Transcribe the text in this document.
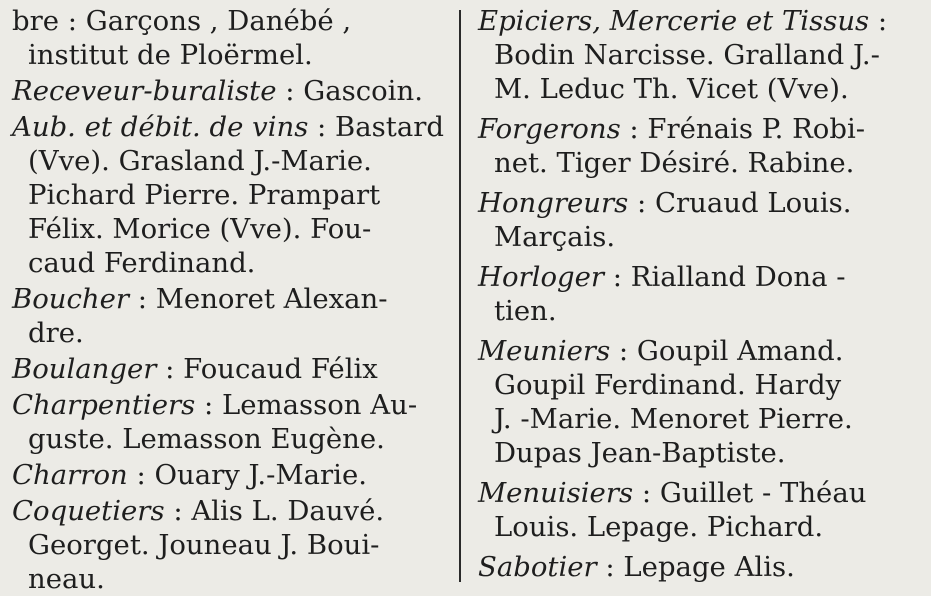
bre : Garçons , Danébé ,
institut de Ploërmel.
Receveur-buraliste : Gascoin.
Aub. et débit. de vins : Bastard
(Vve). Grasland J.-Marie.
Pichard Pierre. Prampart
Félix. Morice (Vve). Fou-
caud Ferdinand.
Boucher : Menoret Alexan-
dre.
Boulanger : Foucaud Félix
Charpentiers : Lemasson Au-
guste. Lemasson Eugène.
Charron : Ouary J.-Marie.
Coquetiers : Alis L. Dauvé.
Georget. Jouneau J. Boui-
neau.
Epiciers, Mercerie et Tissus :
Bodin Narcisse. Gralland J.-
M. Leduc Th. Vicet (Vve).
Forgerons : Frénais P. Robi-
net. Tiger Désiré. Rabine.
Hongreurs : Cruaud Louis.
Marçais.
Horloger : Rialland Dona -
tien.
Meuniers : Goupil Amand.
Goupil Ferdinand. Hardy
J. -Marie. Menoret Pierre.
Dupas Jean-Baptiste.
Menuisiers : Guillet - Théau
Louis. Lepage. Pichard.
Sabotier : Lepage Alis.
